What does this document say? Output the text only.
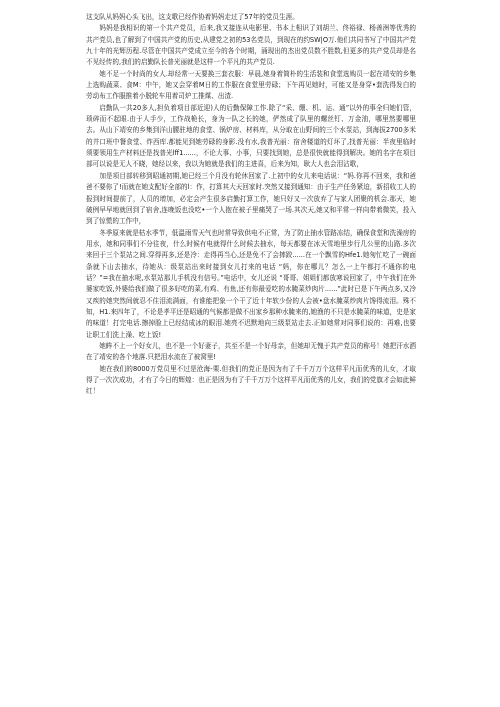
这支队从妈妈心头飞出，这支歌已经作协着妈妈走过了57年的党员生涯。

　　妈妈是我相识的第一个共产党员，后来,我又接连从电影里、书本上相识了刘胡兰、佟裕禄、杨善洲等优秀的共产党员,也了解到了中国共产党的历史,从建党之初的53名党员，到现在的约SW|O万.他们共同书写了中国共产党九十年的光辉历程.尽管在中国共产党成立至今的各个时期，涌现出的杰出党员数不胜数,但更多的共产党员却是名不见经传的,我们的启勤队长普光丽就是这样一个平凡的共产党员.

　　她不足一个时尚的女人.却经常一天要换三套衣服：早晨,她身着简朴的生活装和食堂选购员一起在靖安的乡集上选购蔬菜、食M：中午，她又会穿着M日的工作服在食堂里劳碌；下午再见她时，可能又是身穿•套洗得发白的劳动布工作服推着小脱轮车用着司炉工推煤、出渣.

　　启勤队一共20多人,担负着项目部近迎)人的后勤保障工作.除了“采、绷、机、运、通”以外的事全归她们管，琐碎而不起眼.由于人手少，工作战桅长，身为一队之长的她，俨然成了队里的螺丝钉、万金油，哪里然要哪里去。从山下靖安的乡集到洋山腰驻地的食堂、锅炉房、材料库，从分取在山野间的三个水泵站，到海拔2700多米的井口班中餐食堂、炸西库.都能见到她劳碌的身影.没有水,我普光丽：宿舍楼道的灯坏了,找普光丽：半夜里临时须要领用生产材料还是找普光lff1......，不论大事、小事，只要找到她，总是很快就能得到解决。她的名字在项目部可以说是无人不晓，她经以来，我以为她就是我们的主进喜，后来为知，耿大人也会泪沾歌，

　　加是项目部转移到昭通初期,她已经三个月没有轮休回家了.上初中的女儿来电话说：“妈.你再不回来，我和爸爸不要你了!而就在她支配好全部的l：作，打算其大天回家时.突然又接到通知：由于生产任务紧迫，新招收工人的报到时间提前了，人员的增加，必定会产生很多启勤打算工作，她只好又一次放弃了与家人团聚的机会.那天，她破例早早地就回到了宿舍,连晚饭也没吃•一个人抱在被子里痛哭了一场.其次天,她又和平常一样向带着微笑，投入到了惊慌的工作中，

　　冬季原来就是枯水季节，低温雨雪天气也时常导致供电不正常，为了防止抽水管路冻结，确保食堂和洗澡房的用水，她和同事们不分往夜，什么时候有电就得什么时候去抽水，每天都要在冰天雪地里步行几公里的山路.多次来回于三个泵站之间.穿得再多,还是冷：走得再当心,还是免不了会摔跤......在一个飘雪的Hfe1.她匆忙吃了一碗面条就下山去抽水，待她从：级泵站出来时接到女儿打来的电话 “妈，你在哪儿？怎么一上午都打不通你的电话？”=我在抽水呢,水泵站那儿手机没有信号。”电话中，女儿还说 “哥哥、姐姐们都放寒说回家了，中午我们在外婆家吃饭,外婆给我们做了很多好吃的菜,有鸡、有鱼,还有你最爱吃的水腌菜炒肉片......”此时已是下午两点多,又冷又疾的她突然间就忍不住泪流满面，有谁能把象一个干了近十年软少份的人会被•盘水腌菜炒肉片馋得流泪。殊不知，H1.来四年了，不论是孝平还是昭通的气候都是做不出家乡那种水腌来的,她渔的不只是水腌菜的味道，史是家的味道！打完电话.擦掉脸上已经结成冰的眼泪.她亮不迟默地向三级泵站走去.正如她常对同事们说的：再难,也要让职工们洗上澡、吃上饭!

　　她眸不上一个好女儿，也不是一个好妻子，共至不是一个好母亲，但她却无愧于共产党员的称号！她把汗水洒在了靖安的各个地落.只把泪水流在了被窝里!

　　她在我们的8000万党员里不过是沧海-栗.但我们的党正是因为有了千千万万个这样平凡而优秀的儿女，才取得了一次次成功，才有了今日的辉煌：也正是因为有了千千万万个这样平凡而优秀的儿女，我们的党旗才会如此鲜红！
